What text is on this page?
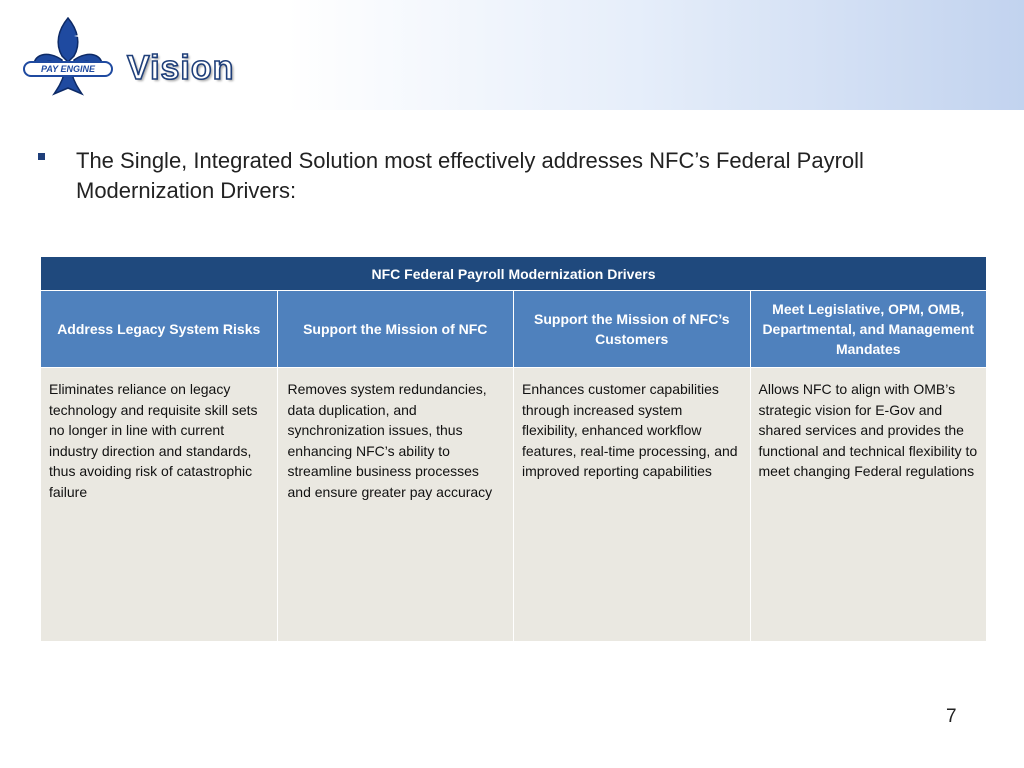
PAY ENGINE Vision
The Single, Integrated Solution most effectively addresses NFC’s Federal Payroll Modernization Drivers:
NFC Federal Payroll Modernization Drivers			
Address Legacy System Risks	Support the Mission of NFC	Support the Mission of NFC’s Customers	Meet Legislative, OPM, OMB, Departmental, and Management Mandates
Eliminates reliance on legacy technology and requisite skill sets no longer in line with current industry direction and standards, thus avoiding risk of catastrophic failure	Removes system redundancies, data duplication, and synchronization issues, thus enhancing NFC’s ability to streamline business processes and ensure greater pay accuracy	Enhances customer capabilities through increased system flexibility, enhanced workflow features, real-time processing, and improved reporting capabilities	Allows NFC to align with OMB’s strategic vision for E-Gov and shared services and provides the functional and technical flexibility to meet changing Federal regulations
7
